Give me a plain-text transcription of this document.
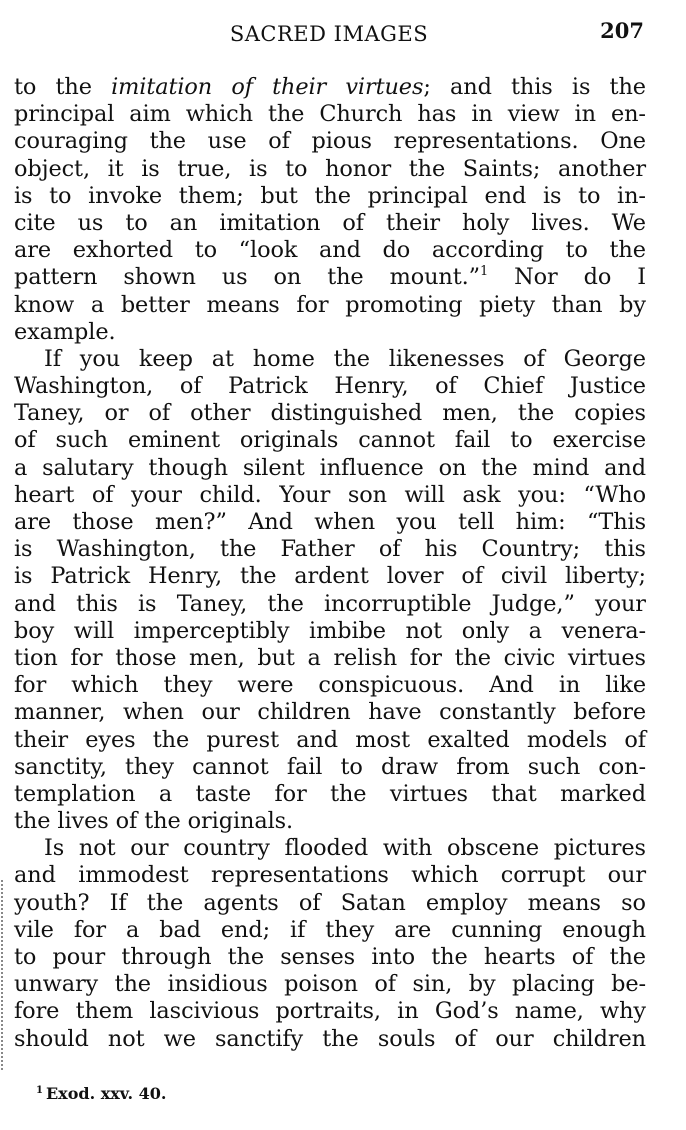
SACRED IMAGES	207
to the imitation of their virtues; and this is the
principal aim which the Church has in view in en-
couraging the use of pious representations. One
object, it is true, is to honor the Saints; another
is to invoke them; but the principal end is to in-
cite us to an imitation of their holy lives. We
are exhorted to “look and do according to the
pattern shown us on the mount.”$^1$ Nor do I
know a better means for promoting piety than by
example.
If you keep at home the likenesses of George
Washington, of Patrick Henry, of Chief Justice
Taney, or of other distinguished men, the copies
of such eminent originals cannot fail to exercise
a salutary though silent influence on the mind and
heart of your child. Your son will ask you: “Who
are those men?” And when you tell him: “This
is Washington, the Father of his Country; this
is Patrick Henry, the ardent lover of civil liberty;
and this is Taney, the incorruptible Judge,” your
boy will imperceptibly imbibe not only a venera-
tion for those men, but a relish for the civic virtues
for which they were conspicuous. And in like
manner, when our children have constantly before
their eyes the purest and most exalted models of
sanctity, they cannot fail to draw from such con-
templation a taste for the virtues that marked
the
lives
of
the
originals.
Is not our country flooded with obscene pictures
and immodest representations which corrupt our
youth? If the agents of Satan employ means so
vile for a bad end; if they are cunning enough
to pour through the senses into the hearts of the
unwary the insidious poison of sin, by placing be-
fore them lascivious portraits, in God’s name, why
should not we sanctify the souls of our children
$^1$ Exod. xxv. 40.
